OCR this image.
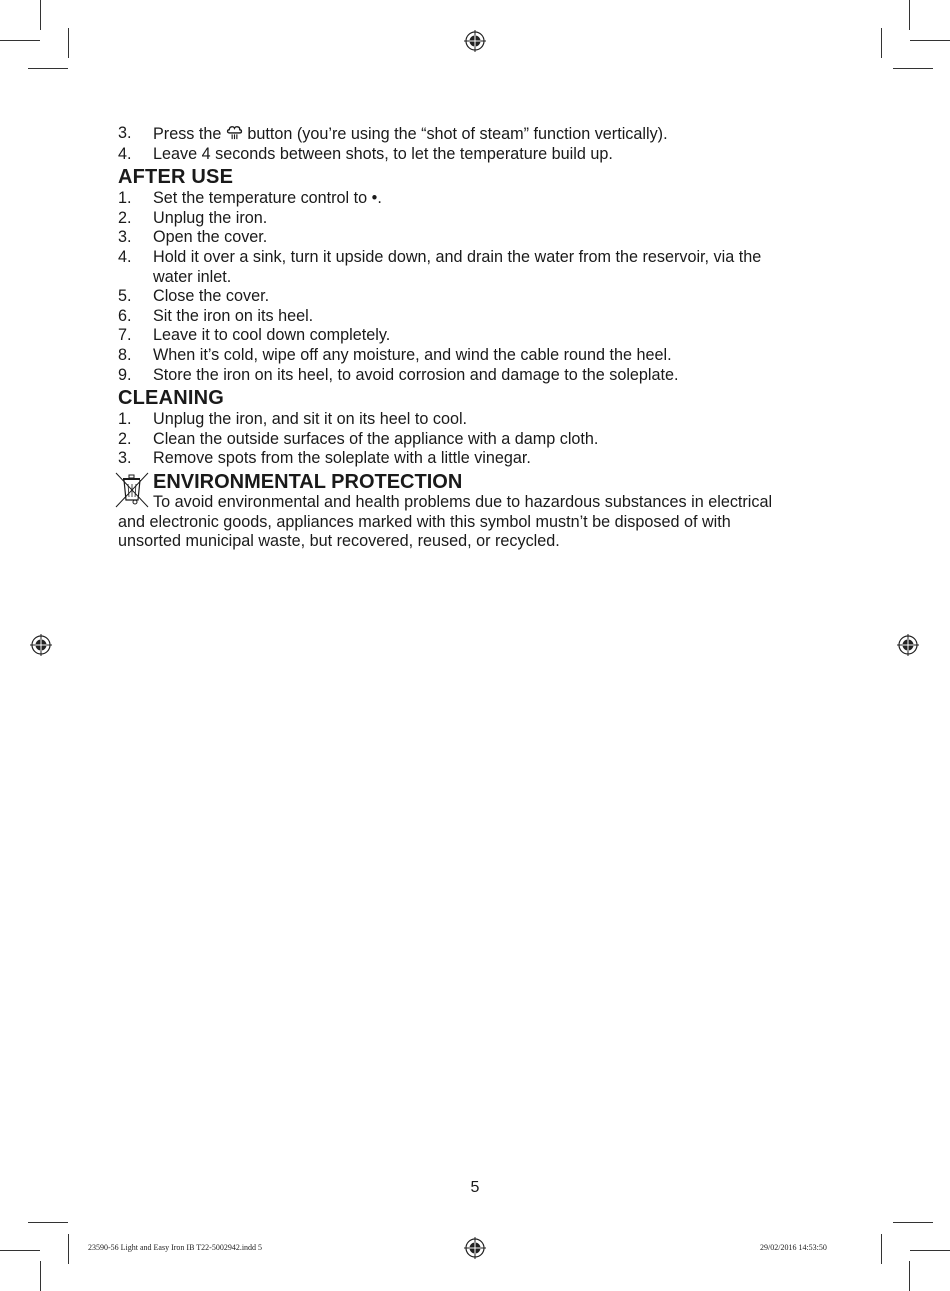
3. Press the button (you’re using the “shot of steam” function vertically).
4. Leave 4 seconds between shots, to let the temperature build up.
AFTER USE
1. Set the temperature control to •.
2. Unplug the iron.
3. Open the cover.
4. Hold it over a sink, turn it upside down, and drain the water from the reservoir, via the water inlet.
5. Close the cover.
6. Sit the iron on its heel.
7. Leave it to cool down completely.
8. When it’s cold, wipe off any moisture, and wind the cable round the heel.
9. Store the iron on its heel, to avoid corrosion and damage to the soleplate.
CLEANING
1. Unplug the iron, and sit it on its heel to cool.
2. Clean the outside surfaces of the appliance with a damp cloth.
3. Remove spots from the soleplate with a little vinegar.
ENVIRONMENTAL PROTECTION
To avoid environmental and health problems due to hazardous substances in electrical and electronic goods, appliances marked with this symbol mustn’t be disposed of with unsorted municipal waste, but recovered, reused, or recycled.
5
23590-56 Light and Easy Iron IB T22-5002942.indd 5	29/02/2016 14:53:50
